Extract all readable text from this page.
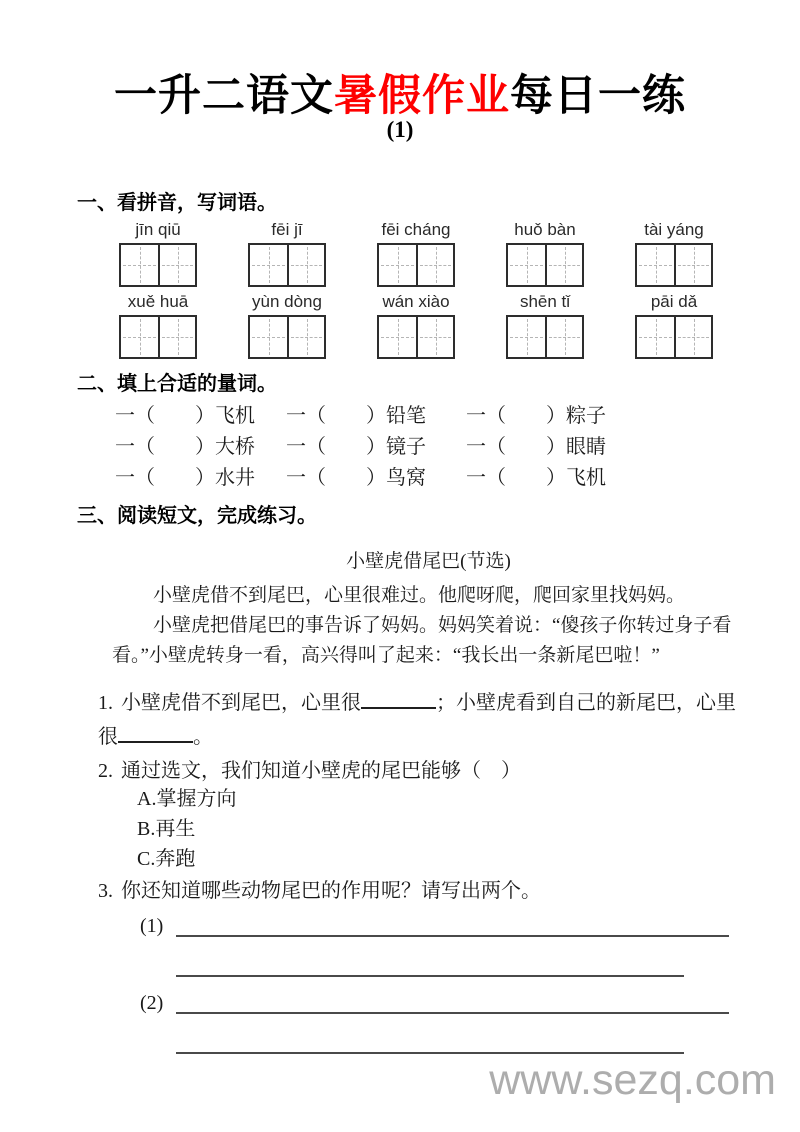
一升二语文暑假作业每日一练
(1)
一、看拼音，写词语。
jīn qiū	fēi jī	fēi cháng	huǒ bàn	tài yáng
xuě huā	yùn dòng	wán xiào	shēn tǐ	pāi dǎ
二、填上合适的量词。
一（　　）飞机 一（　　）铅笔 一（　　）粽子
一（　　）大桥 一（　　）镜子 一（　　）眼睛
一（　　）水井 一（　　）鸟窝 一（　　）飞机
三、阅读短文，完成练习。
小壁虎借尾巴(节选)

小壁虎借不到尾巴，心里很难过。他爬呀爬，爬回家里找妈妈。

小壁虎把借尾巴的事告诉了妈妈。妈妈笑着说：“傻孩子你转过身子看看。”小壁虎转身一看，高兴得叫了起来：“我长出一条新尾巴啦！”

1. 小壁虎借不到尾巴，心里很	；小壁虎看到自己的新尾巴，心里
很	。

2. 通过选文，我们知道小壁虎的尾巴能够（　）

A.掌握方向
B.再生
C.奔跑

3. 你还知道哪些动物尾巴的作用呢？请写出两个。

(1)
(2)
www.sezq.com
